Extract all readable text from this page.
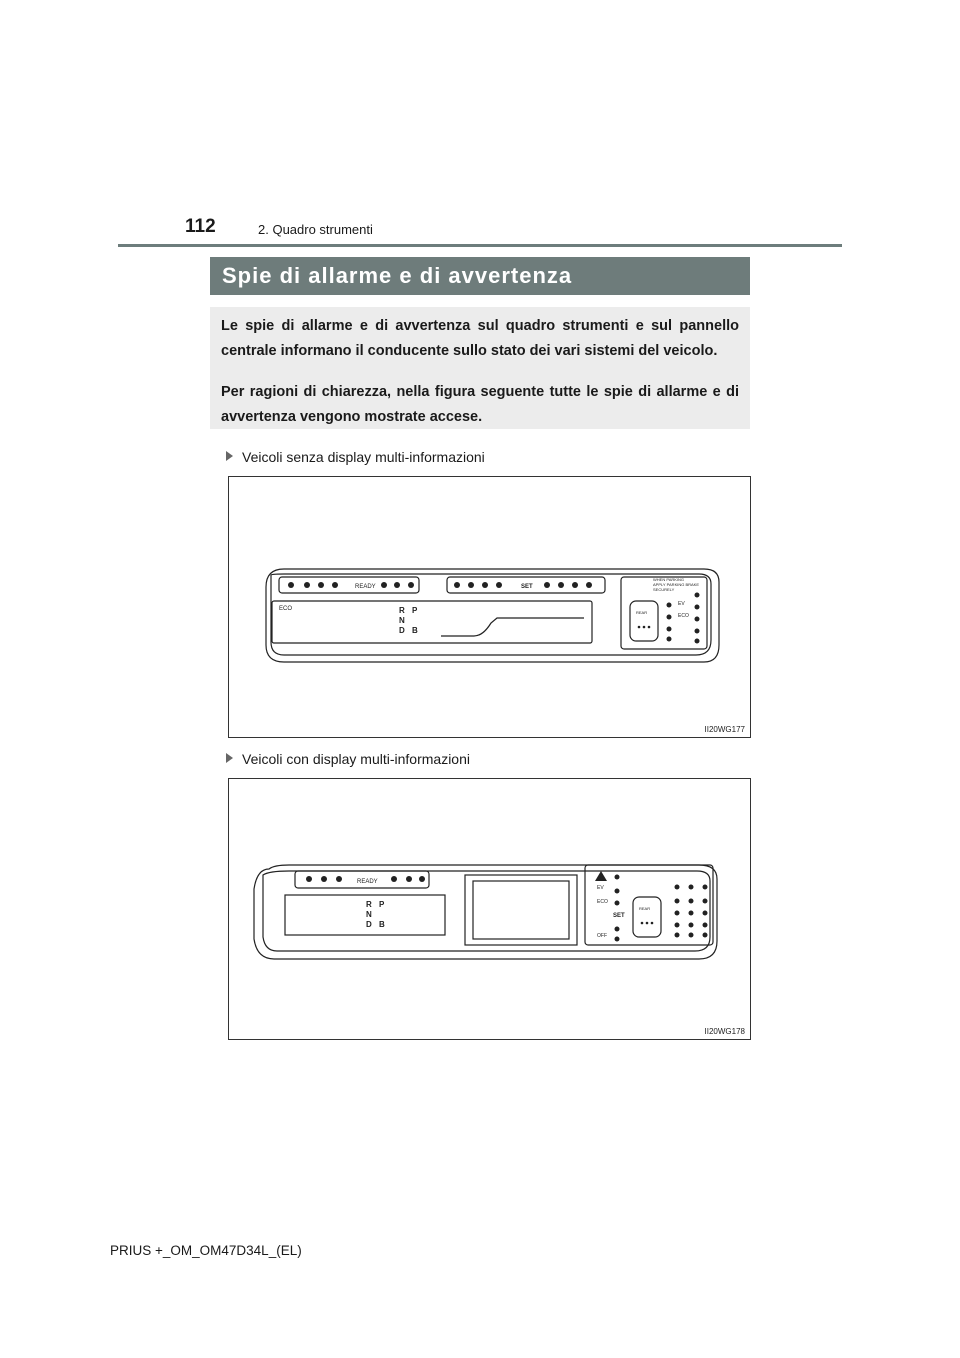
112	2. Quadro strumenti
Spie di allarme e di avvertenza

Le spie di allarme e di avvertenza sul quadro strumenti e sul pannello centrale informano il conducente sullo stato dei vari sistemi del veicolo.

Per ragioni di chiarezza, nella figura seguente tutte le spie di allarme e di avvertenza vengono mostrate accese.

Veicoli senza display multi-informazioni
READY	SET
ECO	R P
N
D B
WHEN PARKING
APPLY PARKING BRAKE
SECURELY
REAR
EV
ECO
II20WG177
Veicoli con display multi-informazioni
READY
SET
R P
N
D B
REAR
EV
ECO
OFF
II20WG178
PRIUS +_OM_OM47D34L_(EL)
